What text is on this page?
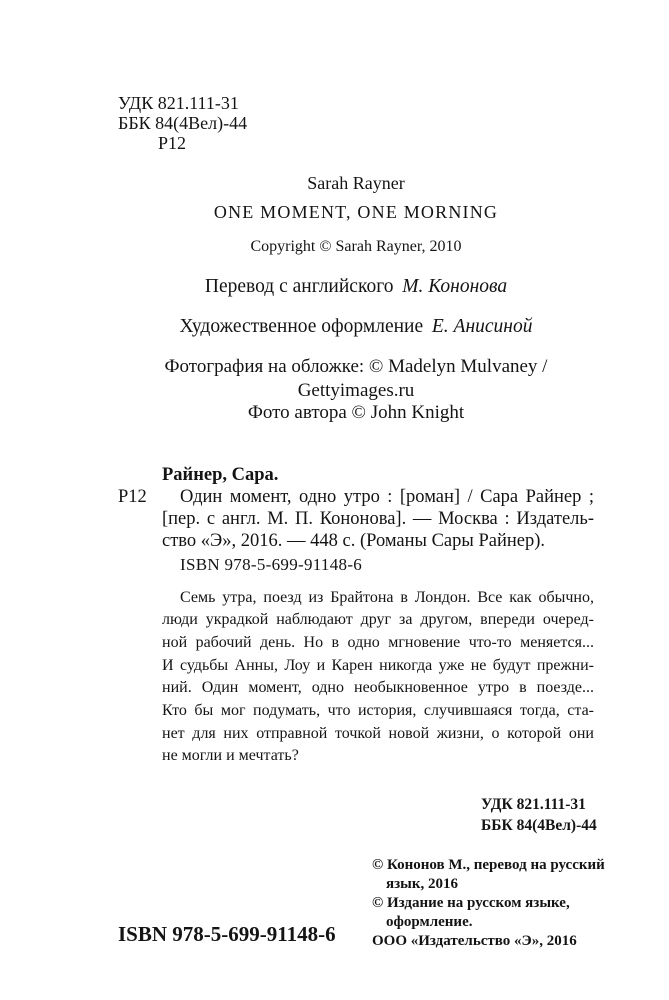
УДК 821.111-31
ББК 84(4Вел)-44
Р12
Sarah Rayner
ONE MOMENT, ONE MORNING
Copyright © Sarah Rayner, 2010
Перевод с английского М. Кононова
Художественное оформление Е. Анисиной
Фотография на обложке: © Madelyn Mulvaney /
Gettyimages.ru
Фото автора © John Knight
Райнер, Сара.
Р12 Один момент, одно утро : [роман] / Сара Райнер ;
[пер. с англ. М. П. Кононова]. — Москва : Издатель-
ство «Э», 2016. — 448 с. (Романы Сары Райнер).
ISBN 978-5-699-91148-6
Семь утра, поезд из Брайтона в Лондон. Все как обычно,
люди украдкой наблюдают друг за другом, впереди очеред-
ной рабочий день. Но в одно мгновение что-то меняется...
И судьбы Анны, Лоу и Карен никогда уже не будут прежни-
ний. Один момент, одно необыкновенное утро в поезде...
Кто бы мог подумать, что история, случившаяся тогда, ста-
нет для них отправной точкой новой жизни, о которой они
не могли и мечтать?
УДК 821.111-31
ББК 84(4Вел)-44
© Кононов М., перевод на русский
язык, 2016
© Издание на русском языке,
оформление.
ООО «Издательство «Э», 2016
ISBN 978-5-699-91148-6
